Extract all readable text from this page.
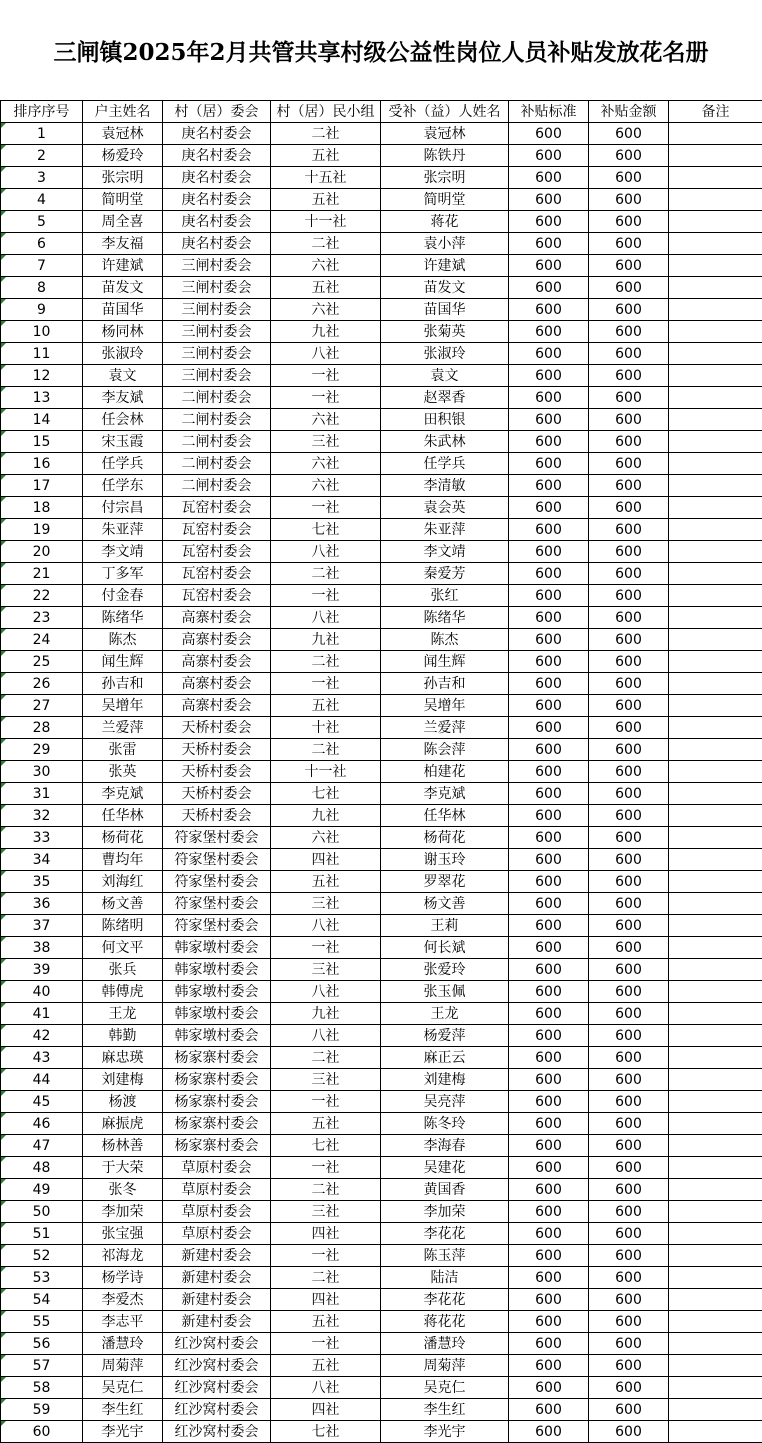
三闸镇2025年2月共管共享村级公益性岗位人员补贴发放花名册
排序序号	户主姓名	村（居）委会	村（居）民小组	受补（益）人姓名	补贴标准	补贴金额	备注
1	袁冠林	庚名村委会	二社	袁冠林	600	600	
2	杨爱玲	庚名村委会	五社	陈铁丹	600	600	
3	张宗明	庚名村委会	十五社	张宗明	600	600	
4	简明堂	庚名村委会	五社	简明堂	600	600	
5	周全喜	庚名村委会	十一社	蒋花	600	600	
6	李友福	庚名村委会	二社	袁小萍	600	600	
7	许建斌	三闸村委会	六社	许建斌	600	600	
8	苗发文	三闸村委会	五社	苗发文	600	600	
9	苗国华	三闸村委会	六社	苗国华	600	600	
10	杨同林	三闸村委会	九社	张菊英	600	600	
11	张淑玲	三闸村委会	八社	张淑玲	600	600	
12	袁文	三闸村委会	一社	袁文	600	600	
13	李友斌	二闸村委会	一社	赵翠香	600	600	
14	任会林	二闸村委会	六社	田积银	600	600	
15	宋玉霞	二闸村委会	三社	朱武林	600	600	
16	任学兵	二闸村委会	六社	任学兵	600	600	
17	任学东	二闸村委会	六社	李清敏	600	600	
18	付宗昌	瓦窑村委会	一社	袁会英	600	600	
19	朱亚萍	瓦窑村委会	七社	朱亚萍	600	600	
20	李文靖	瓦窑村委会	八社	李文靖	600	600	
21	丁多军	瓦窑村委会	二社	秦爱芳	600	600	
22	付金春	瓦窑村委会	一社	张红	600	600	
23	陈绪华	高寨村委会	八社	陈绪华	600	600	
24	陈杰	高寨村委会	九社	陈杰	600	600	
25	闻生辉	高寨村委会	二社	闻生辉	600	600	
26	孙吉和	高寨村委会	一社	孙吉和	600	600	
27	吴增年	高寨村委会	五社	吴增年	600	600	
28	兰爱萍	天桥村委会	十社	兰爱萍	600	600	
29	张雷	天桥村委会	二社	陈会萍	600	600	
30	张英	天桥村委会	十一社	柏建花	600	600	
31	李克斌	天桥村委会	七社	李克斌	600	600	
32	任华林	天桥村委会	九社	任华林	600	600	
33	杨荷花	符家堡村委会	六社	杨荷花	600	600	
34	曹均年	符家堡村委会	四社	谢玉玲	600	600	
35	刘海红	符家堡村委会	五社	罗翠花	600	600	
36	杨文善	符家堡村委会	三社	杨文善	600	600	
37	陈绪明	符家堡村委会	八社	王莉	600	600	
38	何文平	韩家墩村委会	一社	何长斌	600	600	
39	张兵	韩家墩村委会	三社	张爱玲	600	600	
40	韩傅虎	韩家墩村委会	八社	张玉佩	600	600	
41	王龙	韩家墩村委会	九社	王龙	600	600	
42	韩勤	韩家墩村委会	八社	杨爱萍	600	600	
43	麻忠瑛	杨家寨村委会	二社	麻正云	600	600	
44	刘建梅	杨家寨村委会	三社	刘建梅	600	600	
45	杨渡	杨家寨村委会	一社	吴亮萍	600	600	
46	麻振虎	杨家寨村委会	五社	陈冬玲	600	600	
47	杨林善	杨家寨村委会	七社	李海春	600	600	
48	于大荣	草原村委会	一社	吴建花	600	600	
49	张冬	草原村委会	二社	黄国香	600	600	
50	李加荣	草原村委会	三社	李加荣	600	600	
51	张宝强	草原村委会	四社	李花花	600	600	
52	祁海龙	新建村委会	一社	陈玉萍	600	600	
53	杨学诗	新建村委会	二社	陆洁	600	600	
54	李爱杰	新建村委会	四社	李花花	600	600	
55	李志平	新建村委会	五社	蒋花花	600	600	
56	潘慧玲	红沙窝村委会	一社	潘慧玲	600	600	
57	周菊萍	红沙窝村委会	五社	周菊萍	600	600	
58	吴克仁	红沙窝村委会	八社	吴克仁	600	600	
59	李生红	红沙窝村委会	四社	李生红	600	600	
60	李光宇	红沙窝村委会	七社	李光宇	600	600	
